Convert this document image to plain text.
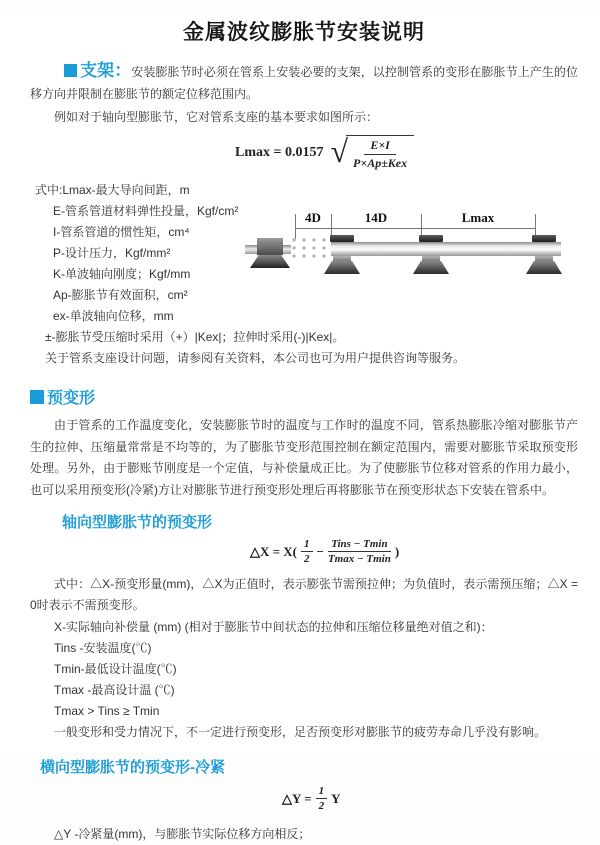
金属波纹膨胀节安装说明

支架：安装膨胀节时必须在管系上安装必要的支架，以控制管系的变形在膨胀节上产生的位移方向并限制在膨胀节的额定位移范围内。

例如对于轴向型膨胀节，它对管系支座的基本要求如图所示：

Lmax = 0.0157 √
$\frac{E\times I}{\text{P×Ap±Kex}}$
式中:Lmax-最大导向间距，m
E-管系管道材料弹性投量，Kgf/cm²
I-管系管道的惯性矩，cm⁴
P-设计压力，Kgf/mm²
K-单波轴向刚度；Kgf/mm
Ap-膨胀节有效面积，cm²
ex-单波轴向位移，mm
±-膨胀节受压缩时采用（+）|Kex|；拉伸时采用(-)|Kex|。

关于管系支座设计问题，请参阅有关资料，本公司也可为用户提供咨询等服务。

4D	14D	Lmax
预变形

由于管系的工作温度变化，安装膨胀节时的温度与工作时的温度不同，管系热膨胀冷缩对膨胀节产生的拉伸、压缩量常常是不均等的，为了膨胀节变形范围控制在额定范围内，需要对膨胀节采取预变形处理。另外，由于膨账节刚度是一个定值，与补偿量成正比。为了使膨胀节位移对管系的作用力最小，也可以采用预变形(冷紧)方让对膨胀节进行预变形处理后再将膨胀节在预变形状态下安装在管系中。

轴向型膨胀节的预变形
△X = $X( \frac{1}{2} - \frac{\text{Tins − Tmin}}{Tmax - Tmin}$ )
式中：△X-预变形量(mm)，△X为正值时，表示膨张节需预拉伸；为负值时，表示需预压缩；△X = 0时表示不需预变形。
X-实际轴向补偿量 (mm) (相对于膨胀节中间状态的拉伸和压缩位移量绝对值之和)：
Tins -安装温度(℃)
Tmin-最低设计温度(℃)
Tmax -最高设计温 (℃)
Tmax > Tins ≥ Tmin
一般变形和受力情况下，不一定进行预变形，足否预变形对膨胀节的疲劳寿命几乎没有影响。
横向型膨胀节的预变形-冷紧
△Y = $\frac{1}{2}$ Y

△Y -冷紧量(mm)，与膨胀节实际位移方向相反；
